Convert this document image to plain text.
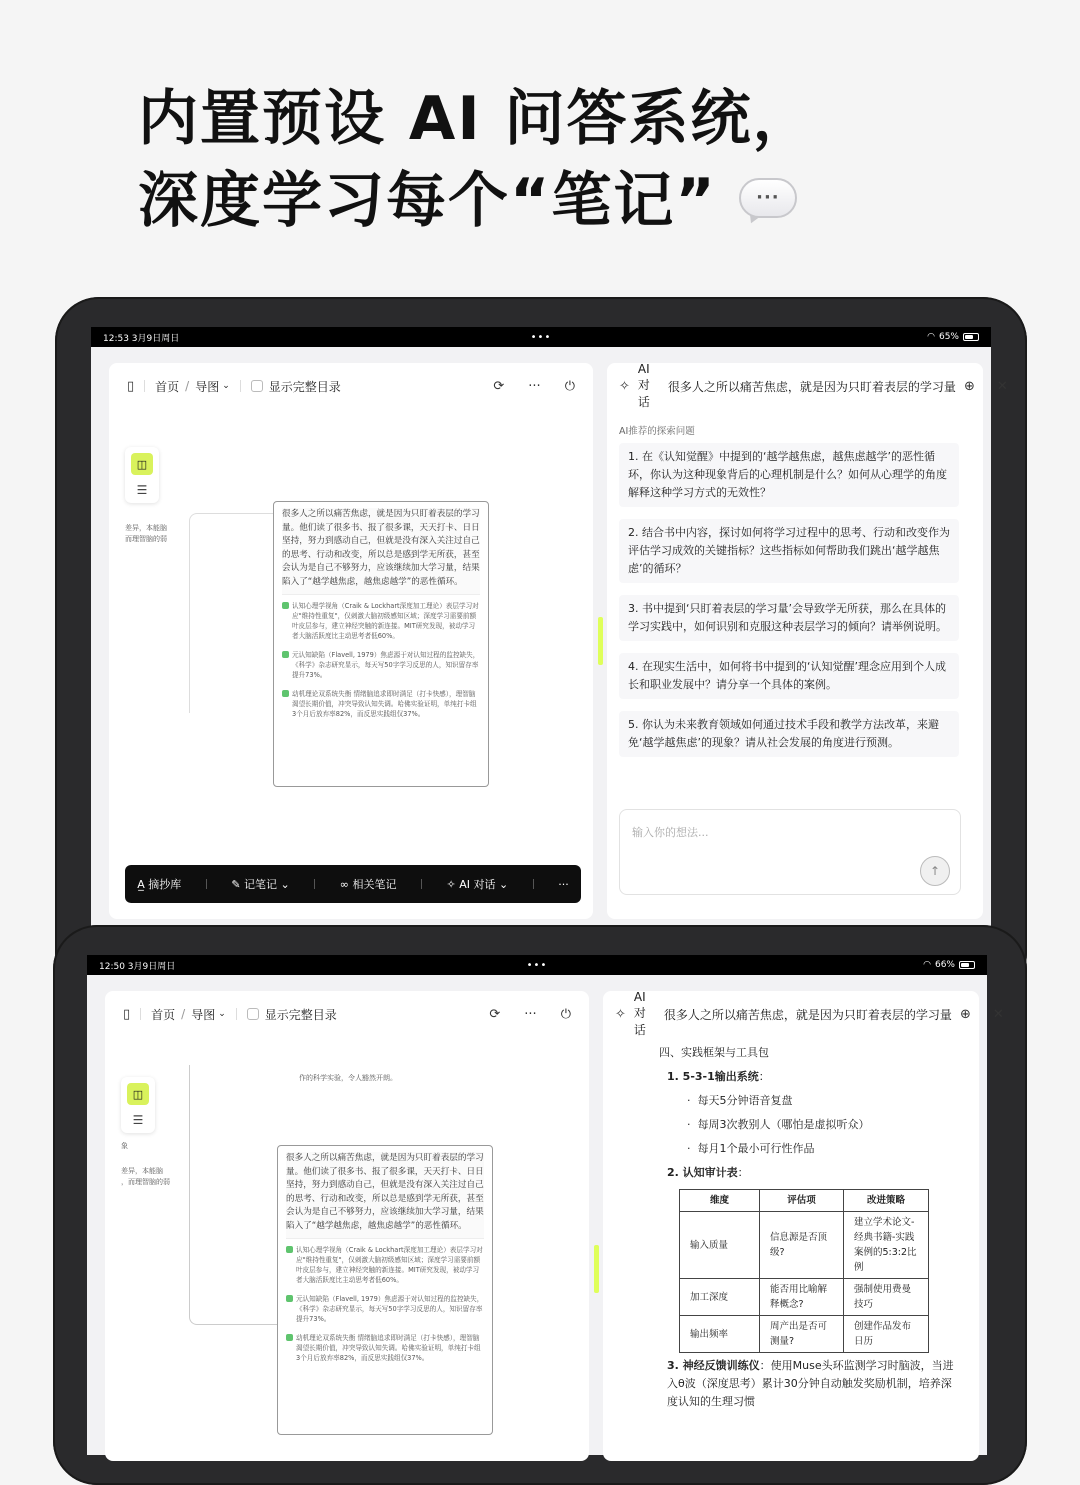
内置预设 AI 问答系统，
深度学习每个“笔记”	···
12:53 3月9日周日	•••	◠ 65%
▯ 首页 / 导图 ⌄	显示完整目录	⟳ ··· ⏻
◫
☰
差异，本能脑
而理智脑的弱
很多人之所以痛苦焦虑，就是因为只盯着表层的学习量。他们读了很多书、报了很多课，天天打卡、日日坚持，努力到感动自己，但就是没有深入关注过自己的思考、行动和改变，所以总是感到学无所获，甚至会认为是自己不够努力，应该继续加大学习量，结果陷入了“越学越焦虑，越焦虑越学”的恶性循环。
认知心理学视角（Craik & Lockhart深度加工理论）表层学习对应"维持性重复"，仅刺激大脑初级感知区域；深度学习需要前额叶皮层参与，建立神经突触的新连接。MIT研究发现，被动学习者大脑活跃度比主动思考者低60%。
元认知缺陷（Flavell, 1979）焦虑源于对认知过程的监控缺失，《科学》杂志研究显示，每天写50字学习反思的人，知识留存率提升73%。
动机理论双系统失衡 情绪脑追求即时满足（打卡快感），理智脑渴望长期价值，冲突导致认知失调。哈佛实验证明，单纯打卡组3个月后放弃率82%，而反思实践组仅37%。
A̲ 摘抄库	✎ 记笔记 ⌄	∞ 相关笔记	✧ AI 对话 ⌄	···
✧
AI 对话
很多人之所以痛苦焦虑，就是因为只盯着表层的学习量 ⊕ ✕
AI推荐的探索问题
1. 在《认知觉醒》中提到的‘越学越焦虑，越焦虑越学’的恶性循环，你认为这种现象背后的心理机制是什么？如何从心理学的角度解释这种学习方式的无效性？
2. 结合书中内容，探讨如何将学习过程中的思考、行动和改变作为评估学习成效的关键指标？这些指标如何帮助我们跳出‘越学越焦虑’的循环？
3. 书中提到‘只盯着表层的学习量’会导致学无所获，那么在具体的学习实践中，如何识别和克服这种表层学习的倾向？请举例说明。
4. 在现实生活中，如何将书中提到的‘认知觉醒’理念应用到个人成长和职业发展中？请分享一个具体的案例。
5. 你认为未来教育领域如何通过技术手段和教学方法改革，来避免‘越学越焦虑’的现象？请从社会发展的角度进行预测。
输入你的想法...
↑
12:50 3月9日周日	•••	◠ 66%
▯ 首页 / 导图 ⌄	显示完整目录	⟳ ··· ⏻
作的科学实验，令人豁然开朗。
◫
☰
象
差异，本能脑
，而理智脑的弱
很多人之所以痛苦焦虑，就是因为只盯着表层的学习量。他们读了很多书、报了很多课，天天打卡、日日坚持，努力到感动自己，但就是没有深入关注过自己的思考、行动和改变，所以总是感到学无所获，甚至会认为是自己不够努力，应该继续加大学习量，结果陷入了“越学越焦虑，越焦虑越学”的恶性循环。
认知心理学视角（Craik & Lockhart深度加工理论）表层学习对应"维持性重复"，仅刺激大脑初级感知区域；深度学习需要前额叶皮层参与，建立神经突触的新连接。MIT研究发现，被动学习者大脑活跃度比主动思考者低60%。
元认知缺陷（Flavell, 1979）焦虑源于对认知过程的监控缺失，《科学》杂志研究显示，每天写50字学习反思的人，知识留存率提升73%。
动机理论双系统失衡 情绪脑追求即时满足（打卡快感），理智脑渴望长期价值，冲突导致认知失调。哈佛实验证明，单纯打卡组3个月后放弃率82%，而反思实践组仅37%。
✧
AI 对话
很多人之所以痛苦焦虑，就是因为只盯着表层的学习量 ⊕ ✕
四、实践框架与工具包
1. 5-3-1输出系统：
·  每天5分钟语音复盘
·  每周3次教别人（哪怕是虚拟听众）
·  每月1个最小可行性作品
2. 认知审计表：
维度	评估项	改进策略
输入质量	信息源是否顶级?	建立学术论文-经典书籍-实践案例的5:3:2比例
加工深度	能否用比喻解释概念?	强制使用费曼技巧
输出频率	周产出是否可测量?	创建作品发布日历
3. 神经反馈训练仪：使用Muse头环监测学习时脑波，当进入θ波（深度思考）累计30分钟自动触发奖励机制，培养深度认知的生理习惯
